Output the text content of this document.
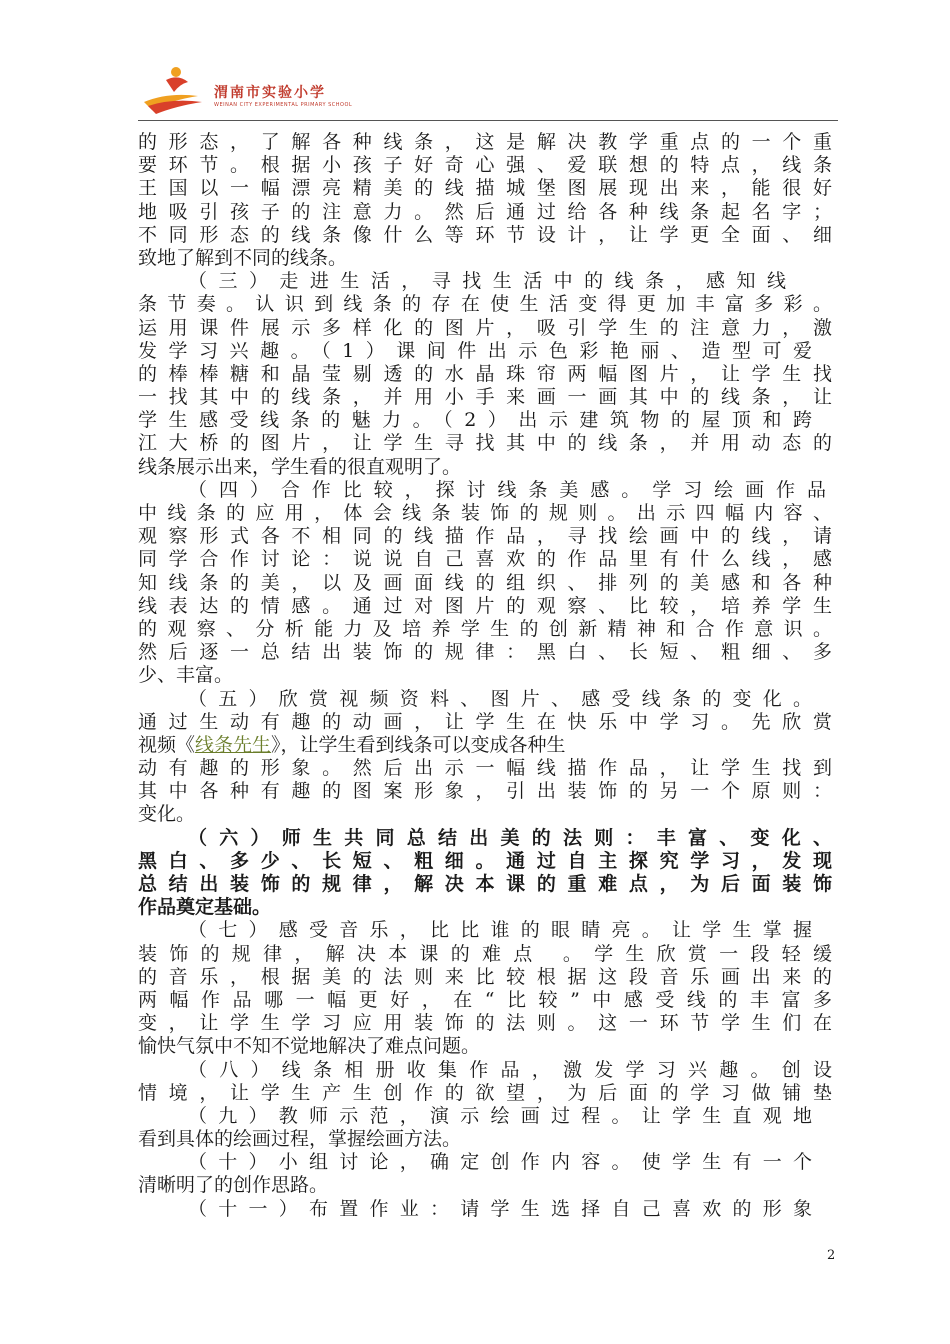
渭南市实验小学
WEINAN CITY EXPERIMENTAL PRIMARY SCHOOL
的形态，了解各种线条，这是解决教学重点的一个重
要环节。根据小孩子好奇心强、爱联想的特点，线条
王国以一幅漂亮精美的线描城堡图展现出来，能很好
地吸引孩子的注意力。然后通过给各种线条起名字；
不同形态的线条像什么等环节设计，让学更全面、细
致地了解到不同的线条。
（三）走进生活，寻找生活中的线条，感知线
条节奏。认识到线条的存在使生活变得更加丰富多彩。
运用课件展示多样化的图片，吸引学生的注意力，激
发学习兴趣。（1）课间件出示色彩艳丽、造型可爱
的棒棒糖和晶莹剔透的水晶珠帘两幅图片，让学生找
一找其中的线条，并用小手来画一画其中的线条，让
学生感受线条的魅力。（2）出示建筑物的屋顶和跨
江大桥的图片，让学生寻找其中的线条，并用动态的
线条展示出来，学生看的很直观明了。
（四）合作比较，探讨线条美感。学习绘画作品
中线条的应用，体会线条装饰的规则。出示四幅内容、
观察形式各不相同的线描作品，寻找绘画中的线，请
同学合作讨论：说说自己喜欢的作品里有什么线，感
知线条的美，以及画面线的组织、排列的美感和各种
线表达的情感。通过对图片的观察、比较，培养学生
的观察、分析能力及培养学生的创新精神和合作意识。
然后逐一总结出装饰的规律：黑白、长短、粗细、多
少、丰富。
（五）欣赏视频资料、图片、感受线条的变化。
通过生动有趣的动画，让学生在快乐中学习。先欣赏
视频《线条先生》，让学生看到线条可以变成各种生
动有趣的形象。然后出示一幅线描作品，让学生找到
其中各种有趣的图案形象，引出装饰的另一个原则：
变化。
（六）师生共同总结出美的法则：丰富、变化、
黑白、多少、长短、粗细。通过自主探究学习，发现
总结出装饰的规律，解决本课的重难点，为后面装饰
作品奠定基础。
（七）感受音乐，比比谁的眼睛亮。让学生掌握
装饰的规律，解决本课的难点 。学生欣赏一段轻缓
的音乐，根据美的法则来比较根据这段音乐画出来的
两幅作品哪一幅更好，在“比较”中感受线的丰富多
变，让学生学习应用装饰的法则。这一环节学生们在
愉快气氛中不知不觉地解决了难点问题。
（八）线条相册收集作品，激发学习兴趣。创设
情境，让学生产生创作的欲望，为后面的学习做铺垫
（九）教师示范，演示绘画过程。让学生直观地
看到具体的绘画过程，掌握绘画方法。
（十）小组讨论，确定创作内容。使学生有一个
清晰明了的创作思路。
（十一）布置作业：请学生选择自己喜欢的形象
2
